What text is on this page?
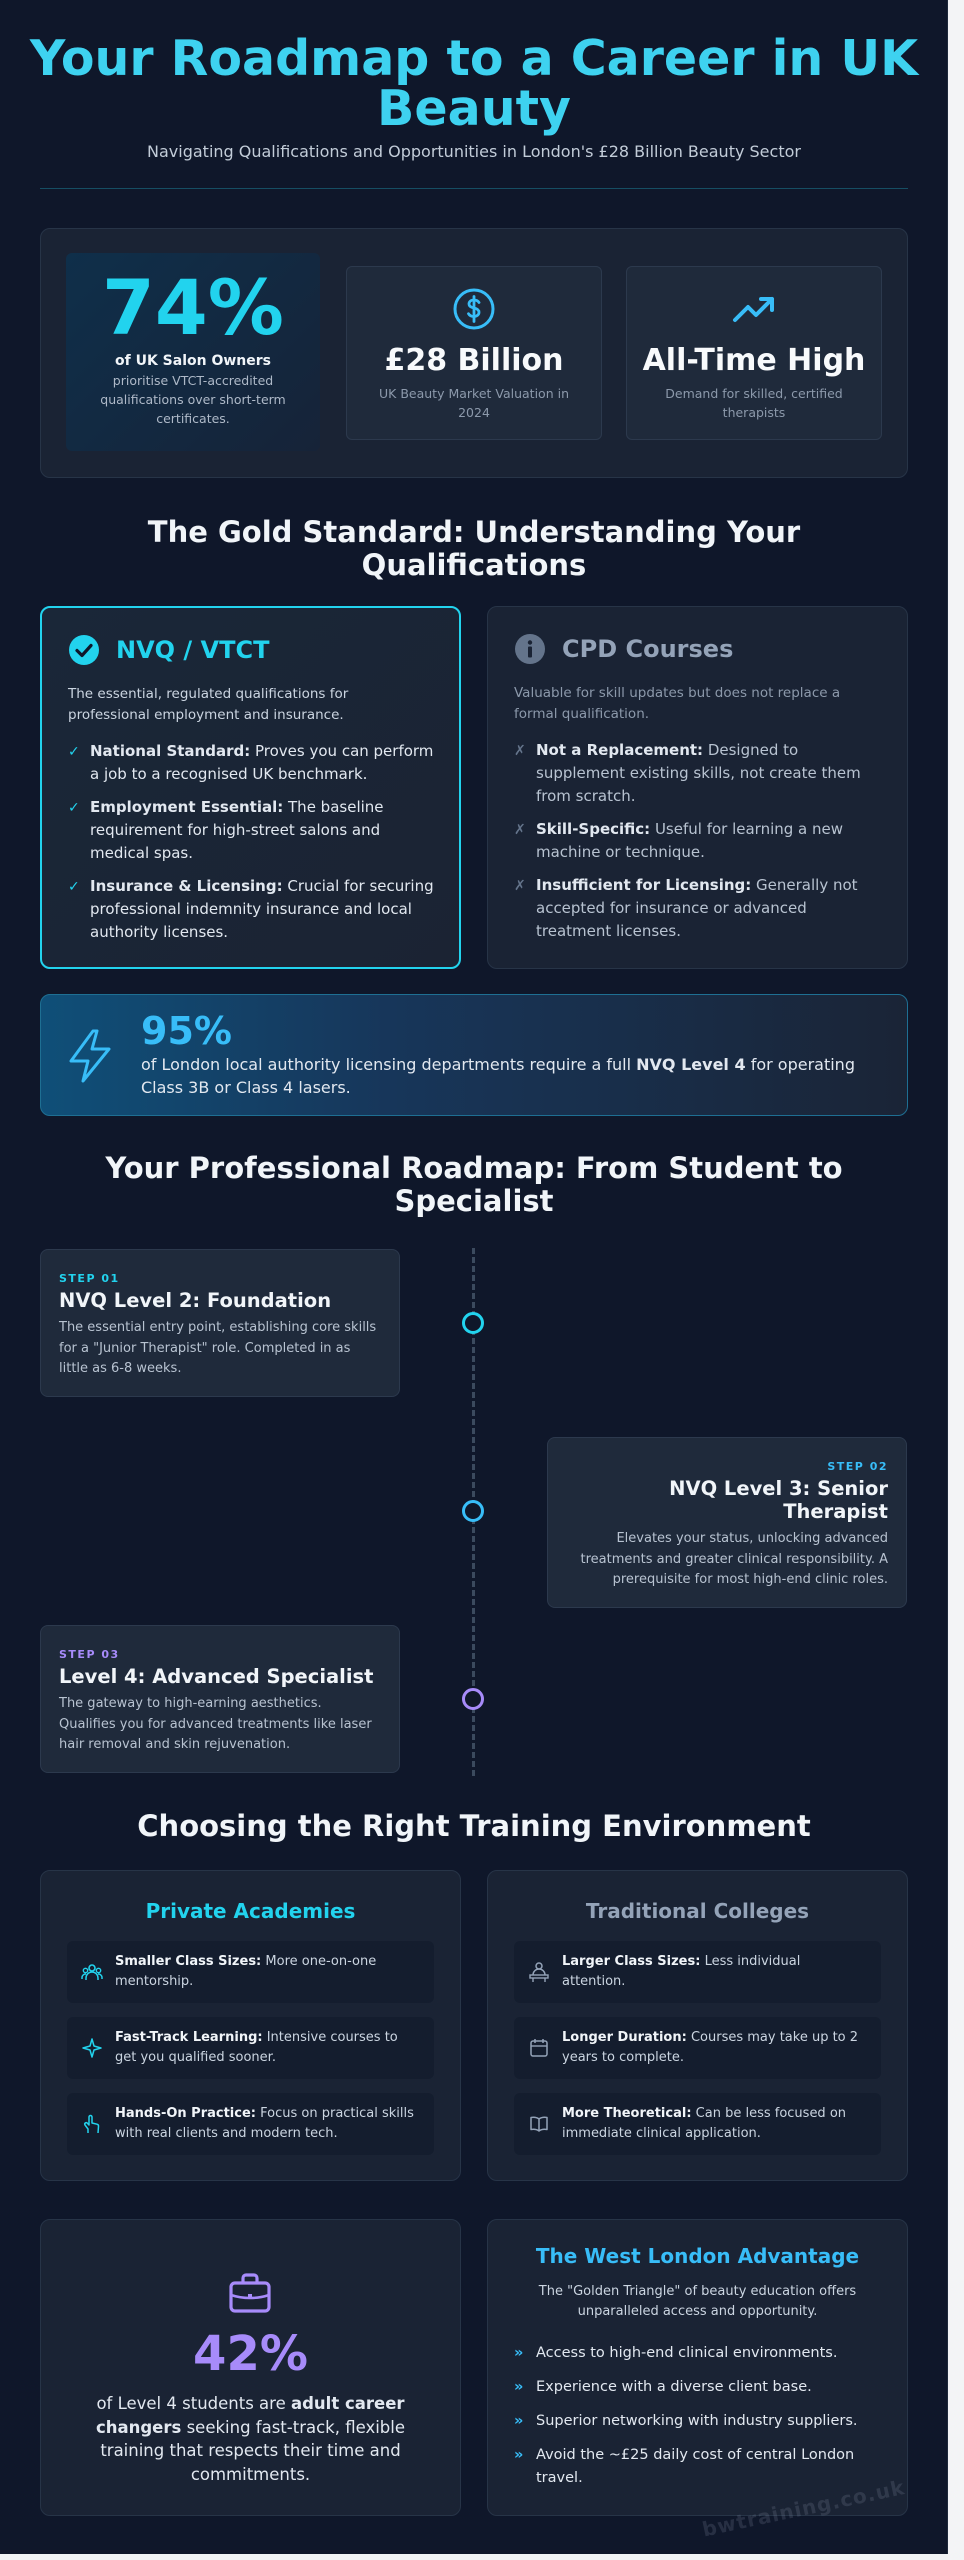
Your Roadmap to a Career in UK Beauty

Navigating Qualifications and Opportunities in London's £28 Billion Beauty Sector

74%
of UK Salon Owners
prioritise VTCT-accredited qualifications over short-term certificates.
£28 Billion
UK Beauty Market Valuation in 2024
All-Time High
Demand for skilled, certified therapists
The Gold Standard: Understanding Your Qualifications
NVQ / VTCT

The essential, regulated qualifications for professional employment and insurance.

✓ National Standard: Proves you can perform a job to a recognised UK benchmark.
✓ Employment Essential: The baseline requirement for high-street salons and medical spas.
✓ Insurance & Licensing: Crucial for securing professional indemnity insurance and local authority licenses.
CPD Courses

Valuable for skill updates but does not replace a formal qualification.

✗ Not a Replacement: Designed to supplement existing skills, not create them from scratch.
✗ Skill-Specific: Useful for learning a new machine or technique.
✗ Insufficient for Licensing: Generally not accepted for insurance or advanced treatment licenses.
95%

of London local authority licensing departments require a full NVQ Level 4 for operating Class 3B or Class 4 lasers.

Your Professional Roadmap: From Student to Specialist
STEP 01
NVQ Level 2: Foundation
The essential entry point, establishing core skills for a "Junior Therapist" role. Completed in as little as 6-8 weeks.
STEP 02
NVQ Level 3: Senior Therapist
Elevates your status, unlocking advanced treatments and greater clinical responsibility. A prerequisite for most high-end clinic roles.
STEP 03
Level 4: Advanced Specialist
The gateway to high-earning aesthetics. Qualifies you for advanced treatments like laser hair removal and skin rejuvenation.
Choosing the Right Training Environment
Private Academies
Smaller Class Sizes: More one-on-one mentorship.
Fast-Track Learning: Intensive courses to get you qualified sooner.
Hands-On Practice: Focus on practical skills with real clients and modern tech.
Traditional Colleges
Larger Class Sizes: Less individual attention.
Longer Duration: Courses may take up to 2 years to complete.
More Theoretical: Can be less focused on immediate clinical application.
42%

of Level 4 students are adult career changers seeking fast-track, flexible training that respects their time and commitments.

The West London Advantage

The "Golden Triangle" of beauty education offers unparalleled access and opportunity.

» Access to high-end clinical environments.
» Experience with a diverse client base.
» Superior networking with industry suppliers.
» Avoid the ~£25 daily cost of central London travel.	bwtraining.co.uk
